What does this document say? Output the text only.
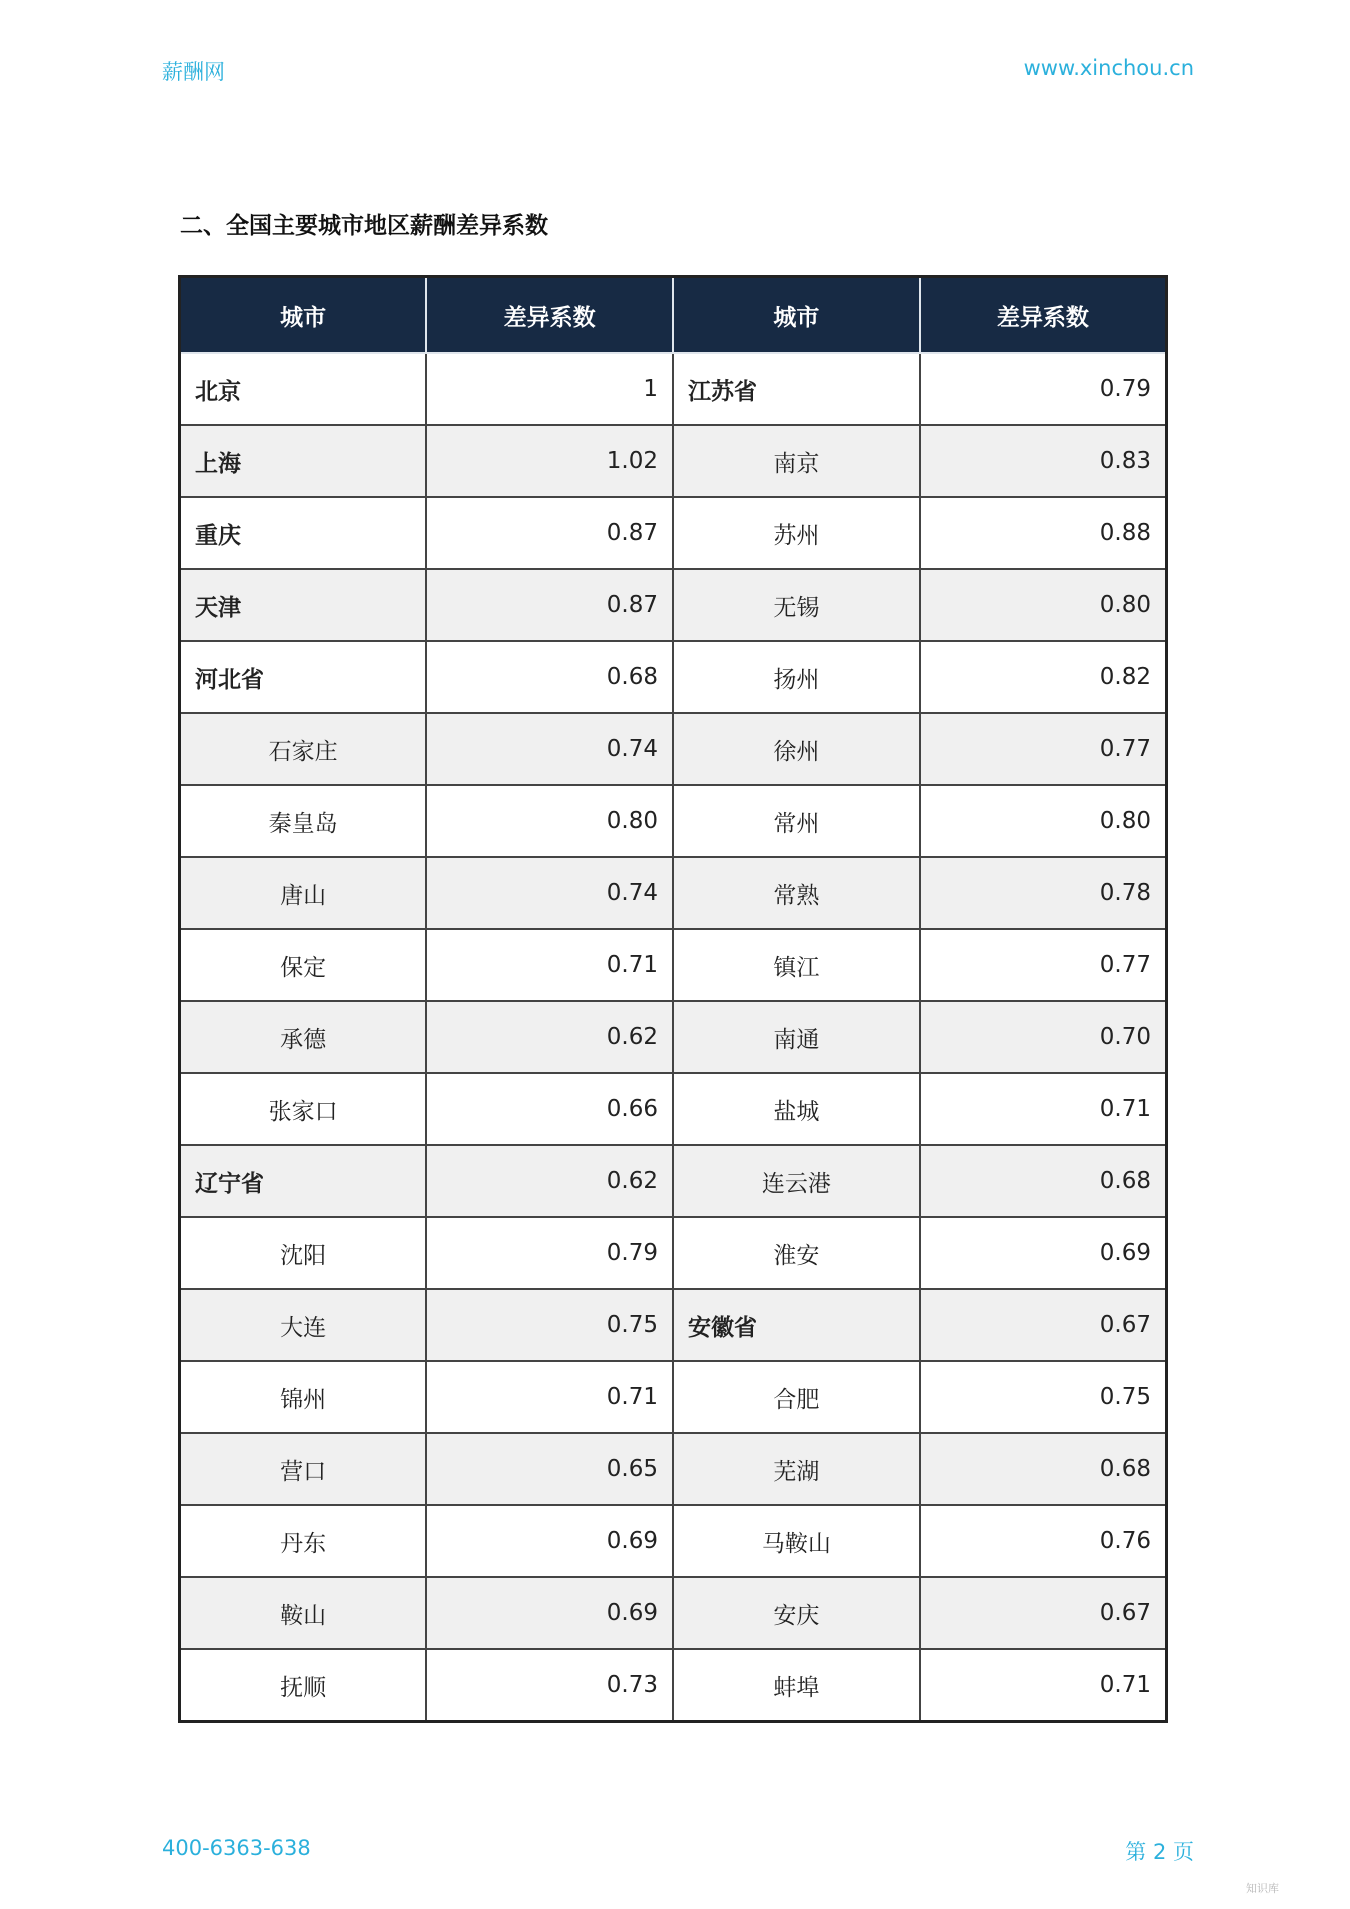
薪酬网	www.xinchou.cn
二、全国主要城市地区薪酬差异系数
城市	差异系数	城市	差异系数
北京	1	江苏省	0.79
上海	1.02	南京	0.83
重庆	0.87	苏州	0.88
天津	0.87	无锡	0.80
河北省	0.68	扬州	0.82
石家庄	0.74	徐州	0.77
秦皇岛	0.80	常州	0.80
唐山	0.74	常熟	0.78
保定	0.71	镇江	0.77
承德	0.62	南通	0.70
张家口	0.66	盐城	0.71
辽宁省	0.62	连云港	0.68
沈阳	0.79	淮安	0.69
大连	0.75	安徽省	0.67
锦州	0.71	合肥	0.75
营口	0.65	芜湖	0.68
丹东	0.69	马鞍山	0.76
鞍山	0.69	安庆	0.67
抚顺	0.73	蚌埠	0.71
400-6363-638	第 2 页
知识库
